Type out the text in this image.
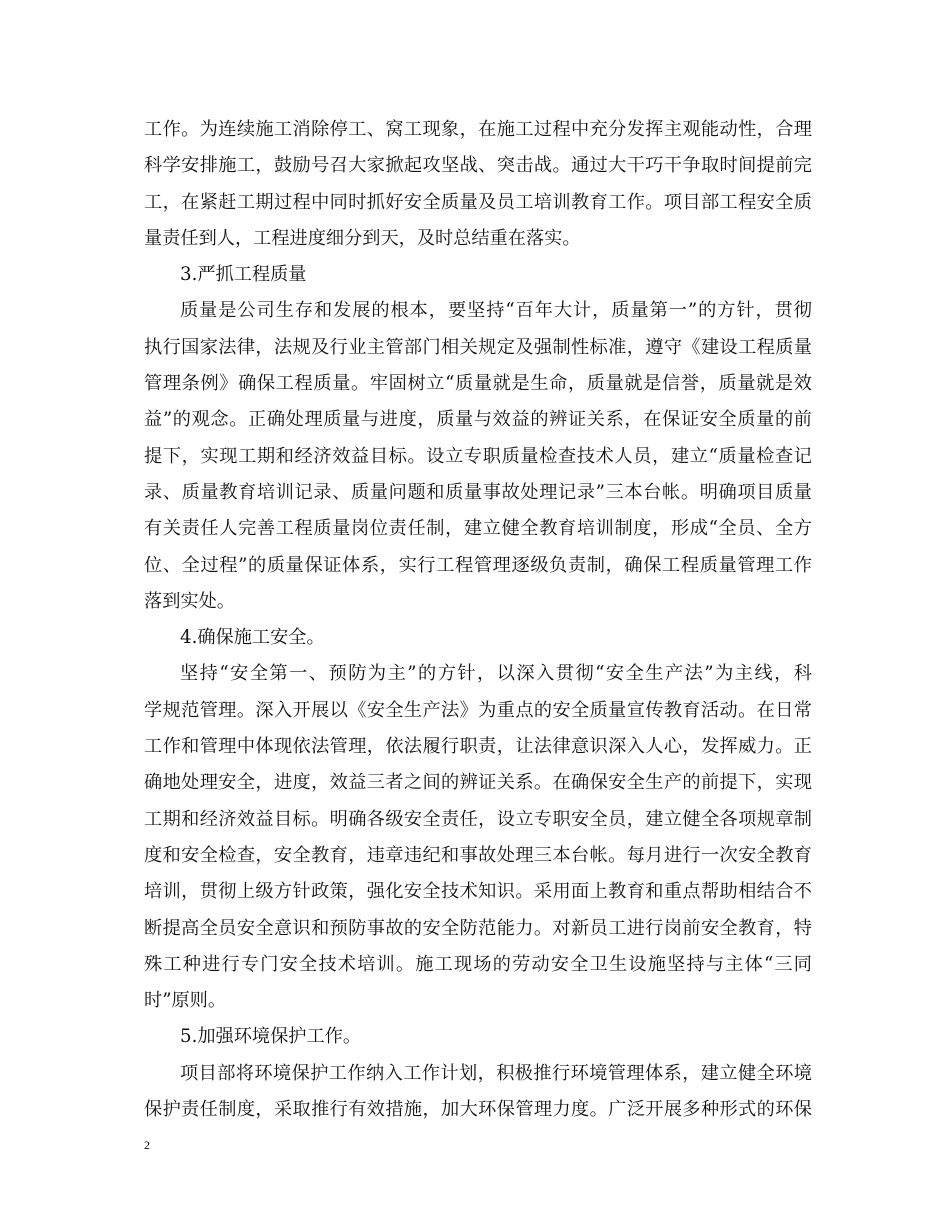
工作。为连续施工消除停工、窝工现象，在施工过程中充分发挥主观能动性，合理
科学安排施工，鼓励号召大家掀起攻坚战、突击战。通过大干巧干争取时间提前完
工，在紧赶工期过程中同时抓好安全质量及员工培训教育工作。项目部工程安全质
量责任到人，工程进度细分到天，及时总结重在落实。
3.严抓工程质量
质量是公司生存和发展的根本，要坚持“百年大计，质量第一”的方针，贯彻
执行国家法律，法规及行业主管部门相关规定及强制性标准，遵守《建设工程质量
管理条例》确保工程质量。牢固树立“质量就是生命，质量就是信誉，质量就是效
益”的观念。正确处理质量与进度，质量与效益的辨证关系，在保证安全质量的前
提下，实现工期和经济效益目标。设立专职质量检查技术人员，建立“质量检查记
录、质量教育培训记录、质量问题和质量事故处理记录”三本台帐。明确项目质量
有关责任人完善工程质量岗位责任制，建立健全教育培训制度，形成“全员、全方
位、全过程”的质量保证体系，实行工程管理逐级负责制，确保工程质量管理工作
落到实处。
4.确保施工安全。
坚持“安全第一、预防为主”的方针，以深入贯彻“安全生产法”为主线，科
学规范管理。深入开展以《安全生产法》为重点的安全质量宣传教育活动。在日常
工作和管理中体现依法管理，依法履行职责，让法律意识深入人心，发挥威力。正
确地处理安全，进度，效益三者之间的辨证关系。在确保安全生产的前提下，实现
工期和经济效益目标。明确各级安全责任，设立专职安全员，建立健全各项规章制
度和安全检查，安全教育，违章违纪和事故处理三本台帐。每月进行一次安全教育
培训，贯彻上级方针政策，强化安全技术知识。采用面上教育和重点帮助相结合不
断提高全员安全意识和预防事故的安全防范能力。对新员工进行岗前安全教育，特
殊工种进行专门安全技术培训。施工现场的劳动安全卫生设施坚持与主体“三同
时”原则。
5.加强环境保护工作。
项目部将环境保护工作纳入工作计划，积极推行环境管理体系，建立健全环境
保护责任制度，采取推行有效措施，加大环保管理力度。广泛开展多种形式的环保
2
